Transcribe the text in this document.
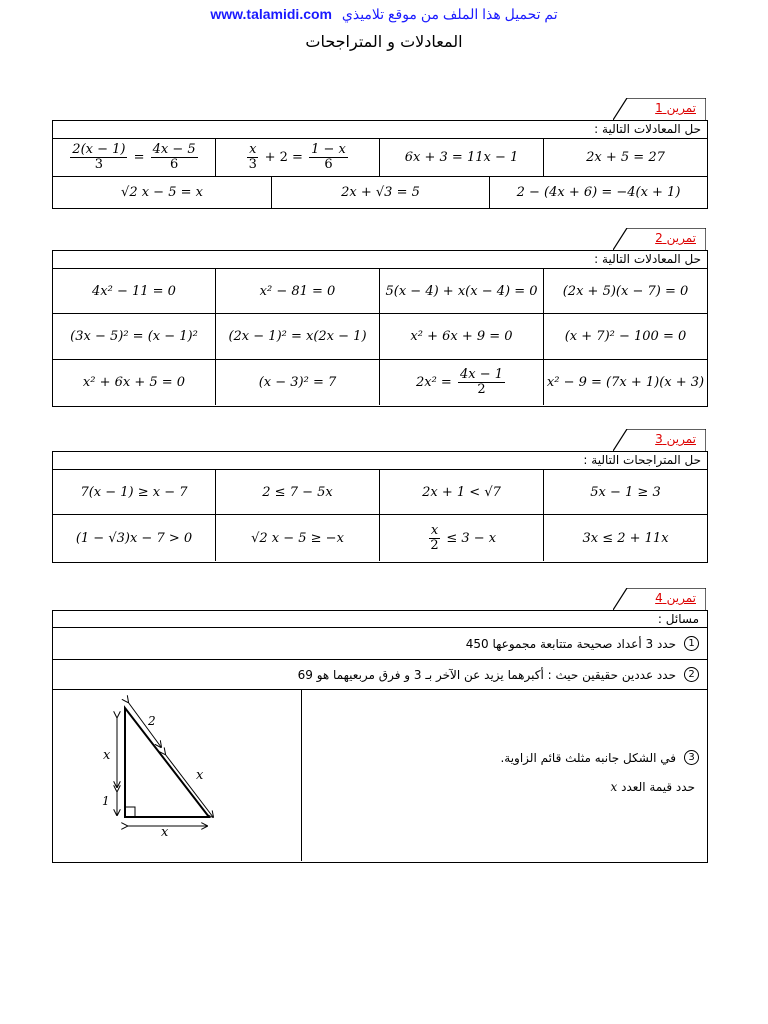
www.talamidi.com تم تحميل هذا الملف من موقع تلاميذي
المعادلات و المتراجحات
تمرين 1
حل المعادلات التالية :
2x + 5 = 27
6x + 3 = 11x − 1
$\frac{x}{3} + 2 = \frac{1 - x}{6}$
$\frac{2(x - 1)}{3} = \frac{4x - 5}{6}$
2 − (4x + 6) = −4(x + 1)
2x + √3 = 5
√2 x − 5 = x
تمرين 2
حل المعادلات التالية :
(2x + 5)(x − 7) = 0
5(x − 4) + x(x − 4) = 0
x² − 81 = 0
4x² − 11 = 0
(x + 7)² − 100 = 0
x² + 6x + 9 = 0
(2x − 1)² = x(2x − 1)
(3x − 5)² = (x − 1)²
x² − 9 = (7x + 1)(x + 3)
$2x^2 = \frac{4x - 1}{2}$
(x − 3)² = 7
x² + 6x + 5 = 0
تمرين 3
حل المتراجحات التالية :
5x − 1 ≥ 3
2x + 1 < √7
2 ≤ 7 − 5x
7(x − 1) ≥ x − 7
3x ≤ 2 + 11x
$\frac{x}{2} \le 3 - x$
√2 x − 5 ≥ −x
(1 − √3)x − 7 > 0
تمرين 4
مسائل :
1
حدد 3 أعداد صحيحة متتابعة مجموعها 450
2
حدد عددين حقيقين حيث : أكبرهما يزيد عن الآخر بـ 3 و فرق مربعيهما هو 69
2
x
x
1
x
3
في الشكل جانبه مثلث قائم الزاوية.
حدد قيمة العدد x
